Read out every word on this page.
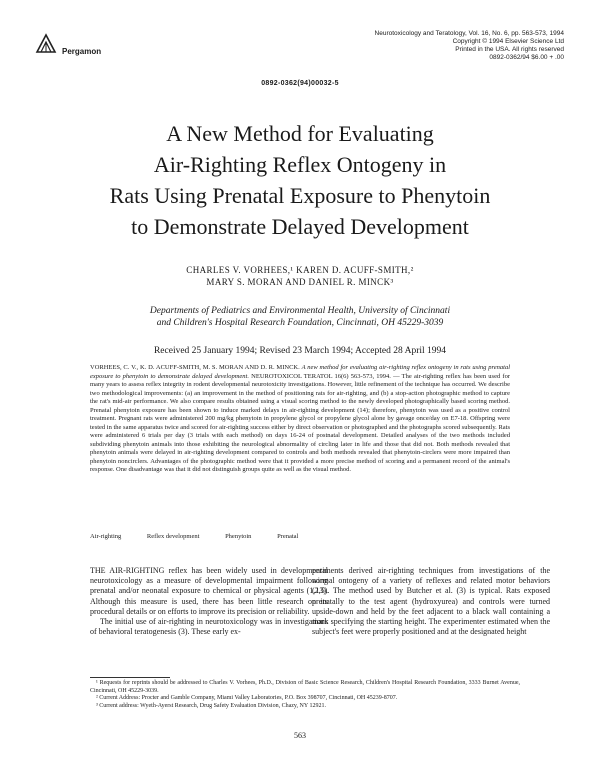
Pergamon
Neurotoxicology and Teratology, Vol. 16, No. 6, pp. 563-573, 1994
Copyright © 1994 Elsevier Science Ltd
Printed in the USA. All rights reserved
0892-0362/94 $6.00 + .00
0892-0362(94)00032-5
A New Method for Evaluating
Air-Righting Reflex Ontogeny in
Rats Using Prenatal Exposure to Phenytoin
to Demonstrate Delayed Development
CHARLES V. VORHEES,¹ KAREN D. ACUFF-SMITH,²
MARY S. MORAN AND DANIEL R. MINCK³
Departments of Pediatrics and Environmental Health, University of Cincinnati
and Children's Hospital Research Foundation, Cincinnati, OH 45229-3039
Received 25 January 1994; Revised 23 March 1994; Accepted 28 April 1994
VORHEES, C. V., K. D. ACUFF-SMITH, M. S. MORAN AND D. R. MINCK. A new method for evaluating air-righting reflex ontogeny in rats using prenatal exposure to phenytoin to demonstrate delayed development. NEUROTOXICOL TERATOL 16(6) 563-573, 1994. — The air-righting reflex has been used for many years to assess reflex integrity in rodent developmental neurotoxicity investigations. However, little refinement of the technique has occurred. We describe two methodological improvements: (a) an improvement in the method of positioning rats for air-righting, and (b) a stop-action photographic method to capture the rat's mid-air performance. We also compare results obtained using a visual scoring method to the newly developed photographically based scoring method. Prenatal phenytoin exposure has been shown to induce marked delays in air-righting development (14); therefore, phenytoin was used as a positive control treatment. Pregnant rats were administered 200 mg/kg phenytoin in propylene glycol or propylene glycol alone by gavage once/day on E7-18. Offspring were tested in the same apparatus twice and scored for air-righting success either by direct observation or photographed and the photographs scored subsequently. Rats were administered 6 trials per day (3 trials with each method) on days 16-24 of postnatal development. Detailed analyses of the two methods included subdividing phenytoin animals into those exhibiting the neurological abnormality of circling later in life and those that did not. Both methods revealed that phenytoin animals were delayed in air-righting development compared to controls and both methods revealed that phenytoin-circlers were more impaired than phenytoin noncirclers. Advantages of the photographic method were that it provided a more precise method of scoring and a permanent record of the animal's response. One disadvantage was that it did not distinguish groups quite as well as the visual method.
Air-righting	Reflex development	Phenytoin	Prenatal

THE AIR-RIGHTING reflex has been widely used in developmental neurotoxicology as a measure of developmental impairment following prenatal and/or neonatal exposure to chemical or physical agents (1,13). Although this measure is used, there has been little research on its procedural details or on efforts to improve its precision or reliability.

The initial use of air-righting in neurotoxicology was in investigations of behavioral teratogenesis (3). These early ex-

periments derived air-righting techniques from investigations of the normal ontogeny of a variety of reflexes and related motor behaviors (2,5). The method used by Butcher et al. (3) is typical. Rats exposed prenatally to the test agent (hydroxyurea) and controls were turned upside-down and held by the feet adjacent to a black wall containing a mark specifying the starting height. The experimenter estimated when the subject's feet were properly positioned and at the designated height

¹ Requests for reprints should be addressed to Charles V. Vorhees, Ph.D., Division of Basic Science Research, Children's Hospital Research Foundation, 3333 Burnet Avenue, Cincinnati, OH 45229-3039.

² Current Address: Procter and Gamble Company, Miami Valley Laboratories, P.O. Box 398707, Cincinnati, OH 45239-8707.

³ Current address: Wyeth-Ayerst Research, Drug Safety Evaluation Division, Chazy, NY 12921.

563
